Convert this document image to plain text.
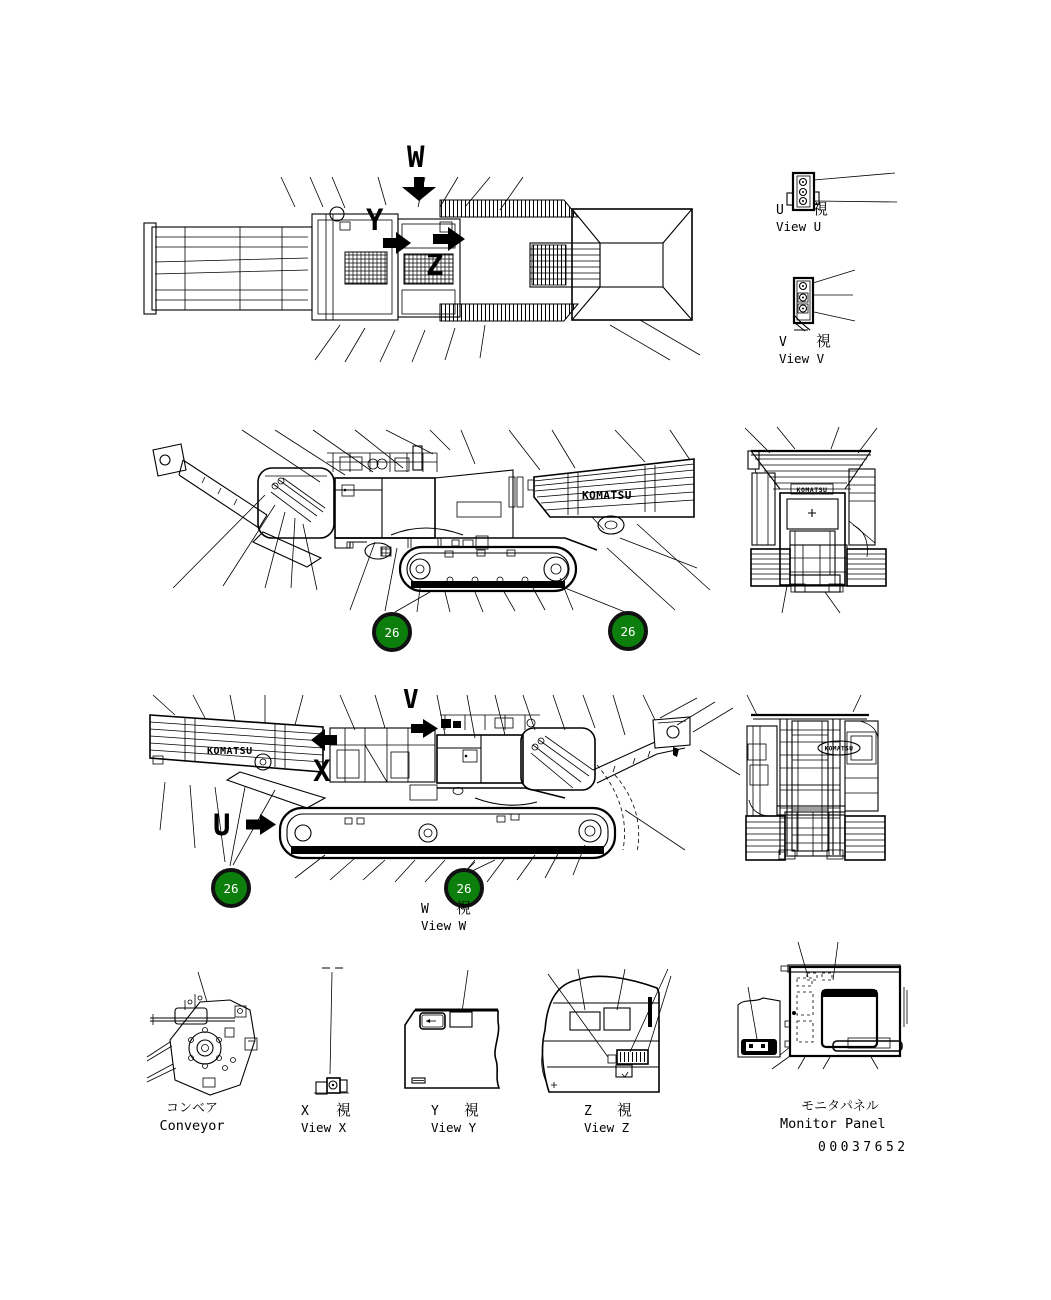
W
Y
Z
U 視
View U
V 視
View V
KOMATSU
26	26
KOMATSU
KOMATSU
V
X
U
26	26
W 視
View W
KOMATSU
コンベア
Conveyor
X 視
View X
Y 視
View Y
Z 視
View Z
モニタパネル
Monitor Panel
00037652
